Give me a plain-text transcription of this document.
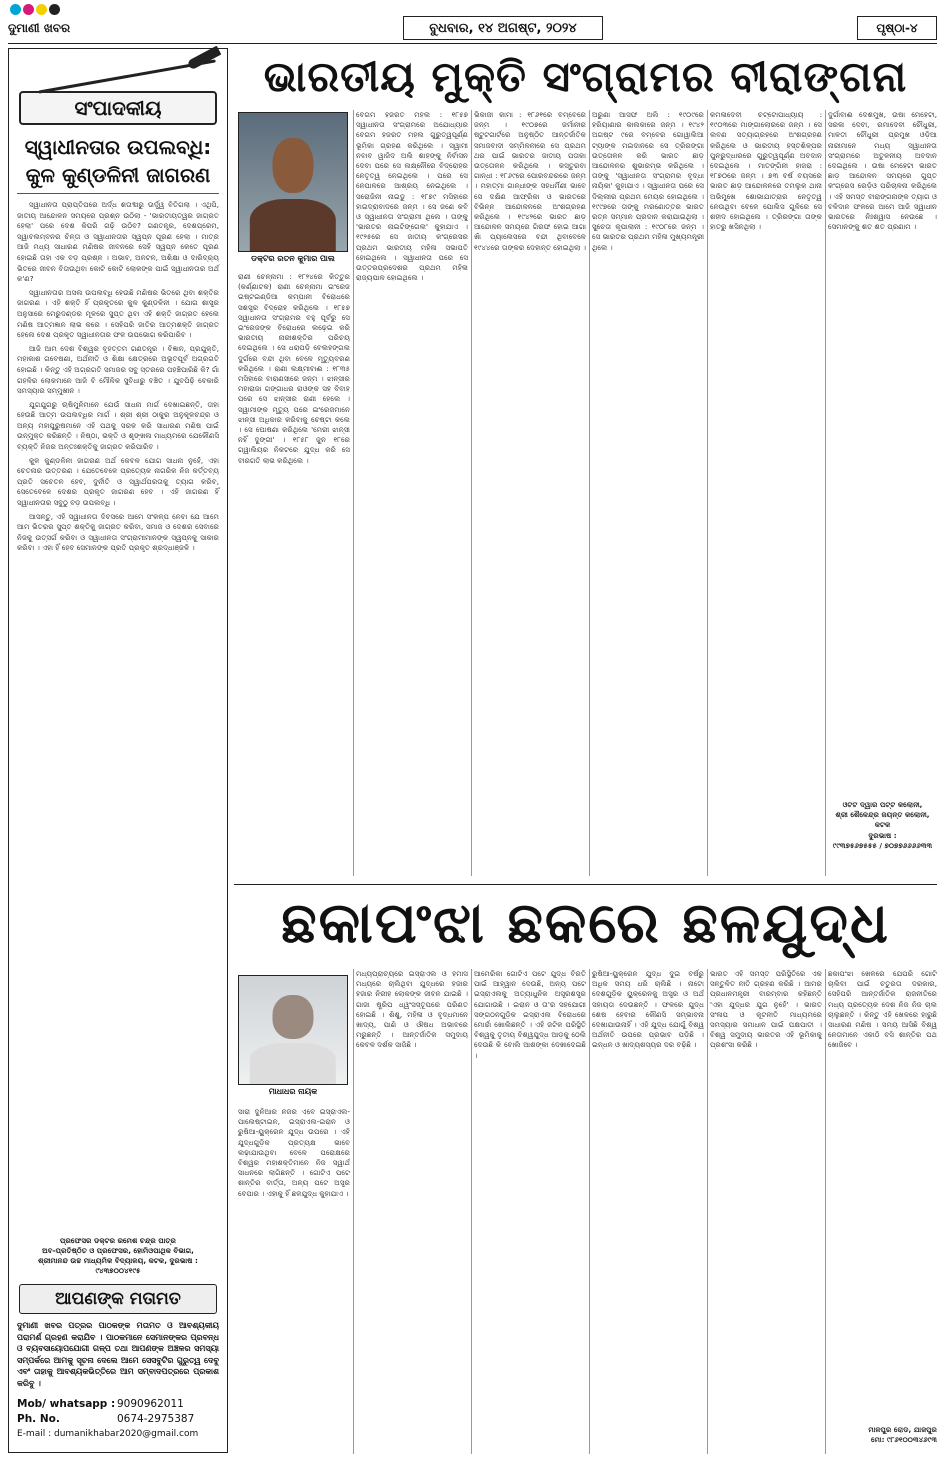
ଦୁମାଣୀ ଖବର	ବୁଧବାର, ୧୪ ଅଗଷ୍ଟ, ୨୦୨୪	ପୃଷ୍ଠା-୪
ସଂପାଦକୀୟ
ସ୍ୱାଧୀନତାର ଉପଲବ୍ଧି: କୁଳ କୁଣ୍ଡଳିନୀ ଜାଗରଣ

ସ୍ୱାଧୀନତା ପ୍ରାପ୍ତିପରେ ଅର୍ଦ୍ଧ ଶତାବ୍ଦୀରୁ ଊର୍ଦ୍ଧ୍ୱ ବିତିଗଲା । ଏଥିପି, ଜାତୀୟ ଆନ୍ଦୋଳନ ସମୟରେ ପ୍ରଶ୍ନ ଉଠିଲା - 'ଭାରତୀୟତ୍ୱର ଜାଗ୍ରତ ହେଲା' ପରେ ଦେଶ କିପରି ଗଢ଼ି ଉଠିବ? ଗଣତନ୍ତ୍ର, ଦେଶପ୍ରେମ, ସ୍ୱାବଲମ୍ବନର ଚିନ୍ତା ଓ ସ୍ୱାଧୀନତାର ସ୍ୱପ୍ନ ପୂରଣ ହେଲା । ମାତ୍ର ଆଜି ମଧ୍ୟ ସାଧାରଣ ମଣିଷର ଜୀବନରେ ସେହି ସ୍ୱପ୍ନ କେତେ ପୂରଣ ହୋଇଛି ତାହା ଏକ ବଡ଼ ପ୍ରଶ୍ନ । ଅଭାବ, ଅନଟନ, ଅଶିକ୍ଷା ଓ ଦାରିଦ୍ର୍ୟ ଭିତରେ ଜୀବନ ବିତାଉଥିବା କୋଟି କୋଟି ଲୋକଙ୍କ ପାଇଁ ସ୍ୱାଧୀନତାର ଅର୍ଥ କ'ଣ?

ସ୍ୱାଧୀନତାର ଅସଲ ଉପଲବ୍ଧି ହେଉଛି ମଣିଷର ଭିତରେ ଥିବା ଶକ୍ତିର ଜାଗରଣ । ଏହି ଶକ୍ତି ହିଁ ପ୍ରକୃତରେ କୁଳ କୁଣ୍ଡଳିନୀ । ଯୋଗ ଶାସ୍ତ୍ର ଅନୁସାରେ ମେରୁଦଣ୍ଡର ମୂଳରେ ସୁପ୍ତ ଥିବା ଏହି ଶକ୍ତି ଜାଗ୍ରତ ହେଲେ ମଣିଷ ଆତ୍ମଜ୍ଞାନ ଲାଭ କରେ । ସେହିପରି ଜାତିର ଆତ୍ମଶକ୍ତି ଜାଗ୍ରତ ହେଲେ ଦେଶ ପ୍ରକୃତ ସ୍ୱାଧୀନତାର ଫଳ ଉପଭୋଗ କରିପାରିବ ।

ଆଜି ଆମ ଦେଶ ବିଶ୍ୱର ବୃହତ୍ତମ ଗଣତନ୍ତ୍ର । ବିଜ୍ଞାନ, ପ୍ରଯୁକ୍ତି, ମହାକାଶ ଗବେଷଣା, ଅର୍ଥନୀତି ଓ ଶିକ୍ଷା କ୍ଷେତ୍ରରେ ଅଭୂତପୂର୍ବ ଅଗ୍ରଗତି ହୋଇଛି । କିନ୍ତୁ ଏହି ଅଗ୍ରଗତି ସମାଜର ସବୁ ସ୍ତରରେ ପହଞ୍ଚିପାରିଛି କି? ଗାଁ ଗହଳିର ଲୋକମାନେ ଆଜି ବି ମୌଳିକ ସୁବିଧାରୁ ବଞ୍ଚିତ । ଯୁବପିଢ଼ି ବେକାରି ସମସ୍ୟାର ସମ୍ମୁଖୀନ ।

ଯୁଗଯୁଗରୁ ଋଷିମୁନିମାନେ ଯେଉଁ ସାଧନା ମାର୍ଗ ଦେଖାଇଛନ୍ତି, ତାହା ହେଉଛି ଆତ୍ମ ଉପଲବ୍ଧିର ମାର୍ଗ । ଶ୍ରୀ ଶ୍ରୀ ଠାକୁର ଅନୁକୂଳଚନ୍ଦ୍ର ଓ ଅନ୍ୟ ମହାପୁରୁଷମାନେ ଏହି ପଥକୁ ସରଳ କରି ସାଧାରଣ ମଣିଷ ପାଇଁ ଉନ୍ମୁକ୍ତ କରିଛନ୍ତି । ନିଷ୍ଠା, ଭକ୍ତି ଓ ଶୃଙ୍ଖଳା ମାଧ୍ୟମରେ ଯେକୌଣସି ବ୍ୟକ୍ତି ନିଜର ଅନ୍ତଃଶକ୍ତିକୁ ଜାଗ୍ରତ କରିପାରିବ ।

କୁଳ କୁଣ୍ଡଳିନୀ ଜାଗରଣ ଅର୍ଥ କେବଳ ଯୋଗ ସାଧନା ନୁହେଁ, ଏହା ଚେତନାର ଉତ୍ତରଣ । ଯେତେବେଳେ ପ୍ରତ୍ୟେକ ନାଗରିକ ନିଜ କର୍ତ୍ତବ୍ୟ ପ୍ରତି ସଚେତନ ହେବ, ଦୁର୍ନୀତି ଓ ସ୍ୱାର୍ଥପରତାକୁ ତ୍ୟାଗ କରିବ, ସେତେବେଳେ ଦେଶର ପ୍ରକୃତ ଜାଗରଣ ହେବ । ଏହି ଜାଗରଣ ହିଁ ସ୍ୱାଧୀନତାର ସବୁଠୁ ବଡ଼ ଉପଲବ୍ଧି ।

ଆସନ୍ତୁ, ଏହି ସ୍ୱାଧୀନତା ଦିବସରେ ଆମେ ସଂକଳ୍ପ ନେବା ଯେ ଆମେ ଆମ ଭିତରର ସୁପ୍ତ ଶକ୍ତିକୁ ଜାଗ୍ରତ କରିବା, ସମାଜ ଓ ଦେଶର ସେବାରେ ନିଜକୁ ଉତ୍ସର୍ଗ କରିବା ଓ ସ୍ୱାଧୀନତା ସଂଗ୍ରାମୀମାନଙ୍କ ସ୍ୱପ୍ନକୁ ସାକାର କରିବା । ଏହା ହିଁ ହେବ ସେମାନଙ୍କ ପ୍ରତି ପ୍ରକୃତ ଶ୍ରଦ୍ଧାଞ୍ଜଳି ।

ପ୍ରଫେସର ଡକ୍ଟର ରମେଶ ଚନ୍ଦ୍ର ପାତ୍ର
ଅବ-ପ୍ରତିଷ୍ଠିତ ଓ ପ୍ରଫେସର, ହୋମିଓପାଥିକ ବିଭାଗ,
ଶ୍ରୀମାନନ୍ଦ ଉଚ୍ଚ ମାଧ୍ୟମିକ ବିଦ୍ୟାଳୟ, କଟକ, ଦୁରଭାଷ :
୯୪୩୭୦୦୪୧୯୫
ଆପଣଙ୍କ ମତାମତ
ଦୁମାଣୀ ଖବର ପତ୍ରର ପାଠକଙ୍କ ମତାମତ ଓ ଆବଶ୍ୟକୀୟ ପରାମର୍ଶ ଗ୍ରହଣ କରାଯିବ । ପାଠକମାନେ ସେମାନଙ୍କର ପ୍ରବନ୍ଧ ଓ ବ୍ୟବସାୟୋପଯୋଗୀ ଗଳ୍ପ ତଥା ଆପଣଙ୍କ ଅଞ୍ଚଳର ସମସ୍ୟା ସମ୍ପର୍କରେ ଆମକୁ ସୂଚନା ଦେଲେ ଆମେ ସେସବୁଟିର ଗୁରୁତ୍ୱ ଦେବୁ ଏବଂ ତାହାକୁ ଆବଶ୍ୟକଭିତ୍ତିରେ ଆମ ସମ୍ବାଦପତ୍ରରେ ପ୍ରକାଶ କରିବୁ ।
Mob/ whatsapp : 9090962011
Ph. No.	0674-2975387
E-mail : dumanikhabar2020@gmail.com
ଭାରତୀୟ ମୁକ୍ତି ସଂଗ୍ରାମର ବୀରାଙ୍ଗନା
ଡକ୍ଟର ରତନ କୁମାର ପାଲ

ରାଣୀ ଚେନ୍ନାମା : ୧୮୨୪ରେ କିତ୍ତୁର (କର୍ଣ୍ଣାଟକ) ରାଣୀ ଚେନ୍ନାମା ଇଂରେଜ ଇଷ୍ଟଇଣ୍ଡିଆ କମ୍ପାନୀ ବିରୋଧରେ ସଶସ୍ତ୍ର ବିଦ୍ରୋହ କରିଥିଲେ । ୧୮୫୭ ସ୍ୱାଧୀନତା ସଂଗ୍ରାମର ବହୁ ପୂର୍ବରୁ ସେ ଇଂରେଜଙ୍କ ବିରୋଧରେ ଲଢ଼େଇ କରି ଭାରତୀୟ ନାରୀଶକ୍ତିର ପରିଚୟ ଦେଇଥିଲେ । ସେ ଧରାପଡ଼ି ବେଲହଙ୍ଗଲ ଦୁର୍ଗରେ ବନ୍ଦୀ ଥିବା ବେଳେ ମୃତ୍ୟୁବରଣ କରିଥିଲେ । ରାଣୀ ଲକ୍ଷ୍ମୀବାଈ : ୧୮୩୫ ମସିହାରେ ବାରାଣସୀରେ ଜନ୍ମ । ଝାନ୍ସୀର ମହାରାଜା ଗଙ୍ଗାଧର ରାଓଙ୍କ ସହ ବିବାହ ପରେ ସେ ଝାନ୍ସୀର ରାଣୀ ହେଲେ । ସ୍ୱାମୀଙ୍କ ମୃତ୍ୟୁ ପରେ ଇଂରେଜମାନେ ଝାନ୍ସୀ ଅଧିକାର କରିବାକୁ ଚେଷ୍ଟା କଲେ । ସେ ଘୋଷଣା କରିଥିଲେ 'ମେରୀ ଝାନ୍ସୀ ନହିଁ ଦୁଙ୍ଗୀ' । ୧୮୫୮ ଜୁନ ୧୮ରେ ଗ୍ୱାଲିୟର ନିକଟରେ ଯୁଦ୍ଧ କରି ସେ ବୀରଗତି ଲାଭ କରିଥିଲେ ।

ବେଗମ ହଜରତ ମହଲ : ୧୮୫୭ ସ୍ୱାଧୀନତା ସଂଗ୍ରାମରେ ଅଯୋଧ୍ୟାର ବେଗମ ହଜରତ ମହଲ ଗୁରୁତ୍ୱପୂର୍ଣ୍ଣ ଭୂମିକା ଗ୍ରହଣ କରିଥିଲେ । ସ୍ୱାମୀ ନବାବ ୱାଜିଦ ଅଲି ଶାହଙ୍କୁ ନିର୍ବାସନ ଦେବା ପରେ ସେ ଲକ୍ଷ୍ନୌରେ ବିଦ୍ରୋହର ନେତୃତ୍ୱ ନେଇଥିଲେ । ପରେ ସେ ନେପାଳରେ ଆଶ୍ରୟ ନେଇଥିଲେ । ସରୋଜିନୀ ନାଇଡୁ : ୧୮୭୯ ମସିହାରେ ହାଇଦ୍ରାବାଦରେ ଜନ୍ମ । ସେ ଜଣେ କବି ଓ ସ୍ୱାଧୀନତା ସଂଗ୍ରାମୀ ଥିଲେ । ତାଙ୍କୁ 'ଭାରତର ନାଇଟିଙ୍ଗେଲ' କୁହାଯାଏ । ୧୯୨୫ରେ ସେ ଜାତୀୟ କଂଗ୍ରେସର ପ୍ରଥମ ଭାରତୀୟ ମହିଳା ସଭାପତି ହୋଇଥିଲେ । ସ୍ୱାଧୀନତା ପରେ ସେ ଉତ୍ତରପ୍ରଦେଶର ପ୍ରଥମ ମହିଳା ରାଜ୍ୟପାଳ ହୋଇଥିଲେ ।

ଭିକାଜୀ କାମା : ୧୮୬୧ରେ ବମ୍ବେରେ ଜନ୍ମ । ୧୯୦୭ରେ ଜର୍ମାନୀର ଷ୍ଟୁଟଗାର୍ଟରେ ଅନୁଷ୍ଠିତ ଆନ୍ତର୍ଜାତିକ ସମାଜବାଦୀ ସମ୍ମିଳନୀରେ ସେ ପ୍ରଥମ ଥର ପାଇଁ ଭାରତର ଜାତୀୟ ପତାକା ଉତ୍ତୋଳନ କରିଥିଲେ । କସ୍ତୁରବା ଗାନ୍ଧୀ : ୧୮୬୯ରେ ପୋରବନ୍ଦରରେ ଜନ୍ମ । ମହାତ୍ମା ଗାନ୍ଧୀଙ୍କ ସହଧର୍ମିଣୀ ଭାବେ ସେ ଦକ୍ଷିଣ ଆଫ୍ରିକା ଓ ଭାରତରେ ବିଭିନ୍ନ ଆନ୍ଦୋଳନରେ ଅଂଶଗ୍ରହଣ କରିଥିଲେ । ୧୯୪୨ରେ ଭାରତ ଛାଡ଼ ଆନ୍ଦୋଳନ ସମୟରେ ଗିରଫ ହୋଇ ଆଗା ଖାଁ ପ୍ୟାଲେସରେ ବନ୍ଦୀ ଥିବାବେଳେ ୧୯୪୪ରେ ତାଙ୍କର ଦେହାନ୍ତ ହୋଇଥିଲା ।

ଅରୁଣା ଆସଫ ଅଲି : ୧୯୦୯ରେ ହରିୟାଣାର କାଲକାରେ ଜନ୍ମ । ୧୯୪୨ ଅଗଷ୍ଟ ୯ରେ ବମ୍ବେର ଗୋୱାଲିଆ ଟ୍ୟାଙ୍କ ମଇଦାନରେ ସେ ତ୍ରିରଙ୍ଗା ଉତ୍ତୋଳନ କରି ଭାରତ ଛାଡ଼ ଆନ୍ଦୋଳନର ଶୁଭାରମ୍ଭ କରିଥିଲେ । ତାଙ୍କୁ 'ସ୍ୱାଧୀନତା ସଂଗ୍ରାମର ବୃଦ୍ଧା ନାୟିକା' କୁହାଯାଏ । ସ୍ୱାଧୀନତା ପରେ ସେ ଦିଲ୍ଲୀର ପ୍ରଥମ ମେୟର ହୋଇଥିଲେ । ୧୯୯୭ରେ ତାଙ୍କୁ ମରଣୋତ୍ତର ଭାରତ ରତ୍ନ ସମ୍ମାନ ପ୍ରଦାନ କରାଯାଇଥିଲା । ସୁଚେତା କୃପାଲାନୀ : ୧୯୦୮ରେ ଜନ୍ମ । ସେ ଭାରତର ପ୍ରଥମ ମହିଳା ମୁଖ୍ୟମନ୍ତ୍ରୀ ଥିଲେ ।

କମଳାଦେବୀ ଚଟ୍ଟୋପାଧ୍ୟାୟ : ୧୯୦୩ରେ ମାଙ୍ଗାଲୋରରେ ଜନ୍ମ । ସେ ଲବଣ ସତ୍ୟାଗ୍ରହରେ ଅଂଶଗ୍ରହଣ କରିଥିଲେ ଓ ଭାରତୀୟ ହସ୍ତଶିଳ୍ପର ପୁନରୁଦ୍ଧାରରେ ଗୁରୁତ୍ୱପୂର୍ଣ୍ଣ ଅବଦାନ ଦେଇଥିଲେ । ମାତଙ୍ଗିନୀ ହାଜରା : ୧୮୭୦ରେ ଜନ୍ମ । ୭୩ ବର୍ଷ ବୟସରେ ଭାରତ ଛାଡ଼ ଆନ୍ଦୋଳନରେ ତମଲୁକ ଥାନା ଅଭିମୁଖେ ଶୋଭାଯାତ୍ରାର ନେତୃତ୍ୱ ନେଉଥିବା ବେଳେ ପୋଲିସ ଗୁଳିରେ ସେ ଶହୀଦ ହୋଇଥିଲେ । ତ୍ରିରଙ୍ଗା ତାଙ୍କ ହାତରୁ ଖସିନଥିଲା ।

ଦୁର୍ଗାବାଈ ଦେଶମୁଖ, ଉଷା ମେହେଟା, ସରଳା ଦେବୀ, ରମାଦେବୀ ଚୌଧୁରୀ, ମାଳତୀ ଚୌଧୁରୀ ପ୍ରମୁଖ ଓଡ଼ିଆ ନାରୀମାନେ ମଧ୍ୟ ସ୍ୱାଧୀନତା ସଂଗ୍ରାମରେ ଅତୁଳନୀୟ ଅବଦାନ ଦେଇଥିଲେ । ଉଷା ମେହେଟା ଭାରତ ଛାଡ଼ ଆନ୍ଦୋଳନ ସମୟରେ ଗୁପ୍ତ କଂଗ୍ରେସ ରେଡ଼ିଓ ପରିଚାଳନା କରିଥିଲେ । ଏହି ସମସ୍ତ ବୀରାଙ୍ଗନାଙ୍କ ତ୍ୟାଗ ଓ ବଳିଦାନ ଫଳରେ ଆମେ ଆଜି ସ୍ୱାଧୀନ ଭାରତରେ ନିଃଶ୍ୱାସ ନେଉଛେ । ସେମାନଙ୍କୁ ଶତ ଶତ ପ୍ରଣାମ ।

ଓଟଟ ଦ୍ୱାର ପଟ୍ଟ କଲୋନୀ,
ଶ୍ରୀ ଶୈଳେନ୍ଦ୍ର ଜୟନ୍ତ କଲୋନୀ, କଟକ
ଦୁରଭାଷ :
୯୯୩୭୫୬୭୫୫୫ / ୭୦୭୭୬୬୬୬୩୩
ଛକାପଂଝା ଛକରେ ଛଳଯୁଦ୍ଧ
ମାଧାଧର ନାୟକ

ସାରା ଦୁନିଆର ନଜର ଏବେ ଇସ୍ରାଏଲ-ପାଲେଷ୍ଟାଇନ, ଇସ୍ରାଏଲ-ଇରାନ ଓ ରୁଷିଆ-ୟୁକ୍ରେନ ଯୁଦ୍ଧ ଉପରେ । ଏହି ଯୁଦ୍ଧଗୁଡ଼ିକ ପ୍ରତ୍ୟକ୍ଷ ଭାବେ ଲଢ଼ାଯାଉଥିବା ବେଳେ ପରୋକ୍ଷରେ ବିଶ୍ୱର ମହାଶକ୍ତିମାନେ ନିଜ ସ୍ୱାର୍ଥ ସାଧନରେ ଲାଗିଛନ୍ତି । ଗୋଟିଏ ପଟେ ଶାନ୍ତିର ବାର୍ତ୍ତା, ଅନ୍ୟ ପଟେ ଅସ୍ତ୍ର ବେପାର । ଏହାକୁ ହିଁ ଛଳଯୁଦ୍ଧ କୁହାଯାଏ ।

ମଧ୍ୟପ୍ରାଚ୍ୟରେ ଇସ୍ରାଏଲ ଓ ହମାସ ମଧ୍ୟରେ ଚାଲିଥିବା ଯୁଦ୍ଧରେ ହଜାର ହଜାର ନିରୀହ ଲୋକଙ୍କ ଜୀବନ ଯାଇଛି । ଗାଜା ଷ୍ଟ୍ରିପ ଧ୍ୱଂସସ୍ତୂପରେ ପରିଣତ ହୋଇଛି । ଶିଶୁ, ମହିଳା ଓ ବୃଦ୍ଧମାନେ ଖାଦ୍ୟ, ପାଣି ଓ ଔଷଧ ଅଭାବରେ ମରୁଛନ୍ତି । ଆନ୍ତର୍ଜାତିକ ସମୁଦାୟ କେବଳ ଦର୍ଶକ ସାଜିଛି ।

ଆମେରିକା ଗୋଟିଏ ପଟେ ଯୁଦ୍ଧ ବିରତି ପାଇଁ ଆହ୍ୱାନ ଦେଉଛି, ଅନ୍ୟ ପଟେ ଇସ୍ରାଏଲକୁ ଅତ୍ୟାଧୁନିକ ଅସ୍ତ୍ରଶସ୍ତ୍ର ଯୋଗାଉଛି । ଇରାନ ଓ ତା'ର ସହଯୋଗୀ ସଙ୍ଗଠନଗୁଡ଼ିକ ଇସ୍ରାଏଲ ବିରୋଧରେ ମୋର୍ଚ୍ଚା ଖୋଲିଛନ୍ତି । ଏହି ଜଟିଳ ପରିସ୍ଥିତି ବିଶ୍ୱକୁ ତୃତୀୟ ବିଶ୍ୱଯୁଦ୍ଧ ଆଡ଼କୁ ଠେଲି ଦେଉଛି କି ବୋଲି ଆଶଙ୍କା ଦେଖାଦେଇଛି ।

ରୁଷିଆ-ୟୁକ୍ରେନ ଯୁଦ୍ଧ ଦୁଇ ବର୍ଷରୁ ଅଧିକ ସମୟ ଧରି ଚାଲିଛି । ନାଟୋ ଦେଶଗୁଡ଼ିକ ୟୁକ୍ରେନକୁ ଅସ୍ତ୍ର ଓ ଅର୍ଥ ସହାୟତା ଦେଉଛନ୍ତି । ଫଳରେ ଯୁଦ୍ଧ ଶେଷ ହେବାର କୌଣସି ସମ୍ଭାବନା ଦେଖାଯାଉନାହିଁ । ଏହି ଯୁଦ୍ଧ ଯୋଗୁଁ ବିଶ୍ୱ ଅର୍ଥନୀତି ଉପରେ ପ୍ରଭାବ ପଡ଼ିଛି । ଇନ୍ଧନ ଓ ଖାଦ୍ୟଶସ୍ୟର ଦର ବଢ଼ିଛି ।

ଭାରତ ଏହି ସମସ୍ତ ପରିସ୍ଥିତିରେ ଏକ ସନ୍ତୁଳିତ ନୀତି ଗ୍ରହଣ କରିଛି । ଆମର ପ୍ରଧାନମନ୍ତ୍ରୀ ବାରମ୍ବାର କହିଛନ୍ତି 'ଏହା ଯୁଦ୍ଧର ଯୁଗ ନୁହେଁ' । ଭାରତ ସଂଳାପ ଓ କୂଟନୀତି ମାଧ୍ୟମରେ ସମସ୍ୟାର ସମାଧାନ ପାଇଁ ପକ୍ଷପାତୀ । ବିଶ୍ୱ ସମୁଦାୟ ଭାରତର ଏହି ଭୂମିକାକୁ ପ୍ରଶଂସା କରିଛି ।

ଛକାପଂଝା ଖେଳରେ ଯେପରି ଗୋଟି ଚାଲିବା ପାଇଁ ଚତୁରତା ଦରକାର, ସେହିପରି ଆନ୍ତର୍ଜାତିକ ରାଜନୀତିରେ ମଧ୍ୟ ପ୍ରତ୍ୟେକ ଦେଶ ନିଜ ନିଜ ଚାଲ ଚାଲୁଛନ୍ତି । କିନ୍ତୁ ଏହି ଖେଳରେ ହାରୁଛି ସାଧାରଣ ମଣିଷ । ସମୟ ଆସିଛି ବିଶ୍ୱ ନେତାମାନେ ଏକାଠି ବସି ଶାନ୍ତିର ପଥ ଖୋଜିବେ ।

ମାଳପୁର ରୋଡ, ଯାଜପୁର
ମୋ: ୯୮୬୧୦୦୩୪୬୯୩
